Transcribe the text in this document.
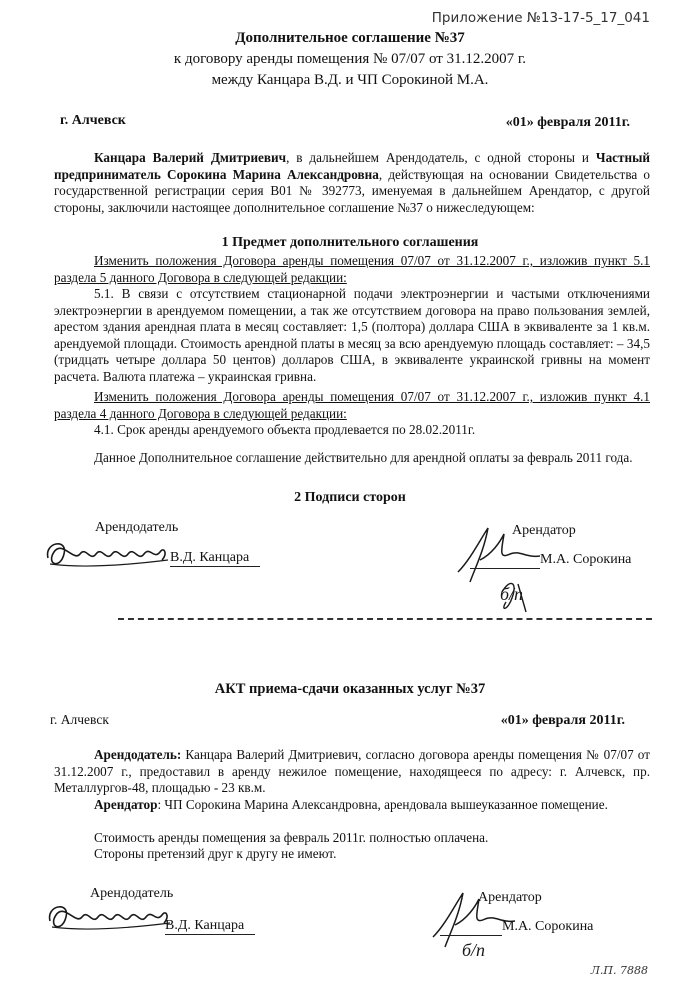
Приложение №13-17-5_17_041
Дополнительное соглашение №37
к договору аренды помещения № 07/07 от 31.12.2007 г.
между Канцара В.Д. и ЧП Сорокиной М.А.
г. Алчевск	«01» февраля 2011г.
Канцара Валерий Дмитриевич, в дальнейшем Арендодатель, с одной стороны и Частный предприниматель Сорокина Марина Александровна, действующая на основании Свидетельства о государственной регистрации серия В01 № 392773, именуемая в дальнейшем Арендатор, с другой стороны, заключили настоящее дополнительное соглашение №37 о нижеследующем:
1 Предмет дополнительного соглашения
Изменить положения Договора аренды помещения 07/07 от 31.12.2007 г., изложив пункт 5.1 раздела 5 данного Договора в следующей редакции:
5.1. В связи с отсутствием стационарной подачи электроэнергии и частыми отключениями электроэнергии в арендуемом помещении, а так же отсутствием договора на право пользования землей, арестом здания арендная плата в месяц составляет: 1,5 (полтора) доллара США в эквиваленте за 1 кв.м. арендуемой площади. Стоимость арендной платы в месяц за всю арендуемую площадь составляет: – 34,5 (тридцать четыре доллара 50 центов) долларов США, в эквиваленте украинской гривны на момент расчета. Валюта платежа – украинская гривна.
Изменить положения Договора аренды помещения 07/07 от 31.12.2007 г., изложив пункт 4.1 раздела 4 данного Договора в следующей редакции:
4.1. Срок аренды арендуемого объекта продлевается по 28.02.2011г.
Данное Дополнительное соглашение действительно для арендной оплаты за февраль 2011 года.
2 Подписи сторон
Арендодатель
В.Д. Канцара
Арендатор
М.А. Сорокина
б/п
АКТ приема-сдачи оказанных услуг №37
г. Алчевск	«01» февраля 2011г.
Арендодатель: Канцара Валерий Дмитриевич, согласно договора аренды помещения № 07/07 от 31.12.2007 г., предоставил в аренду нежилое помещение, находящееся по адресу: г. Алчевск, пр. Металлургов-48, площадью - 23 кв.м.
Арендатор: ЧП Сорокина Марина Александровна, арендовала вышеуказанное помещение.
Стоимость аренды помещения за февраль 2011г. полностью оплачена.
Стороны претензий друг к другу не имеют.
Арендодатель
В.Д. Канцара
Арендатор
М.А. Сорокина
б/п
Л.П. 7888
